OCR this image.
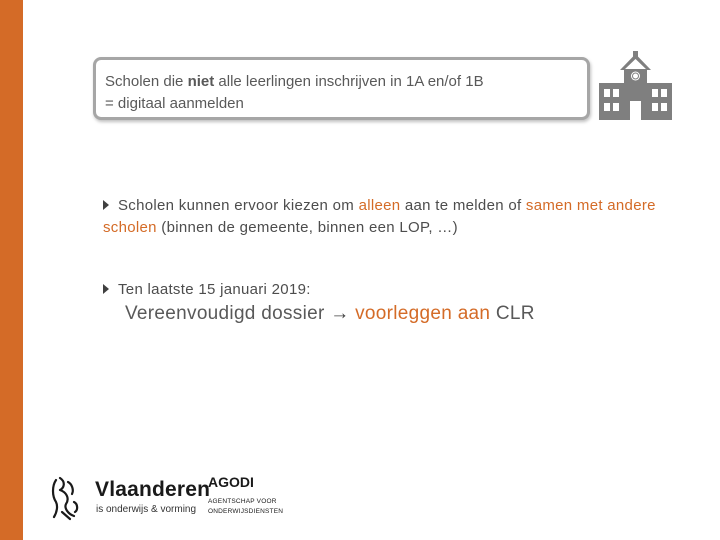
Scholen die niet alle leerlingen inschrijven in 1A en/of 1B
= digitaal aanmelden
Scholen kunnen ervoor kiezen om alleen aan te melden of samen met andere scholen (binnen de gemeente, binnen een LOP, …)
Ten laatste 15 januari 2019:
Vereenvoudigd dossier → voorleggen aan CLR
Vlaanderen
is onderwijs & vorming
AGODI
AGENTSCHAP VOOR
ONDERWIJSDIENSTEN
